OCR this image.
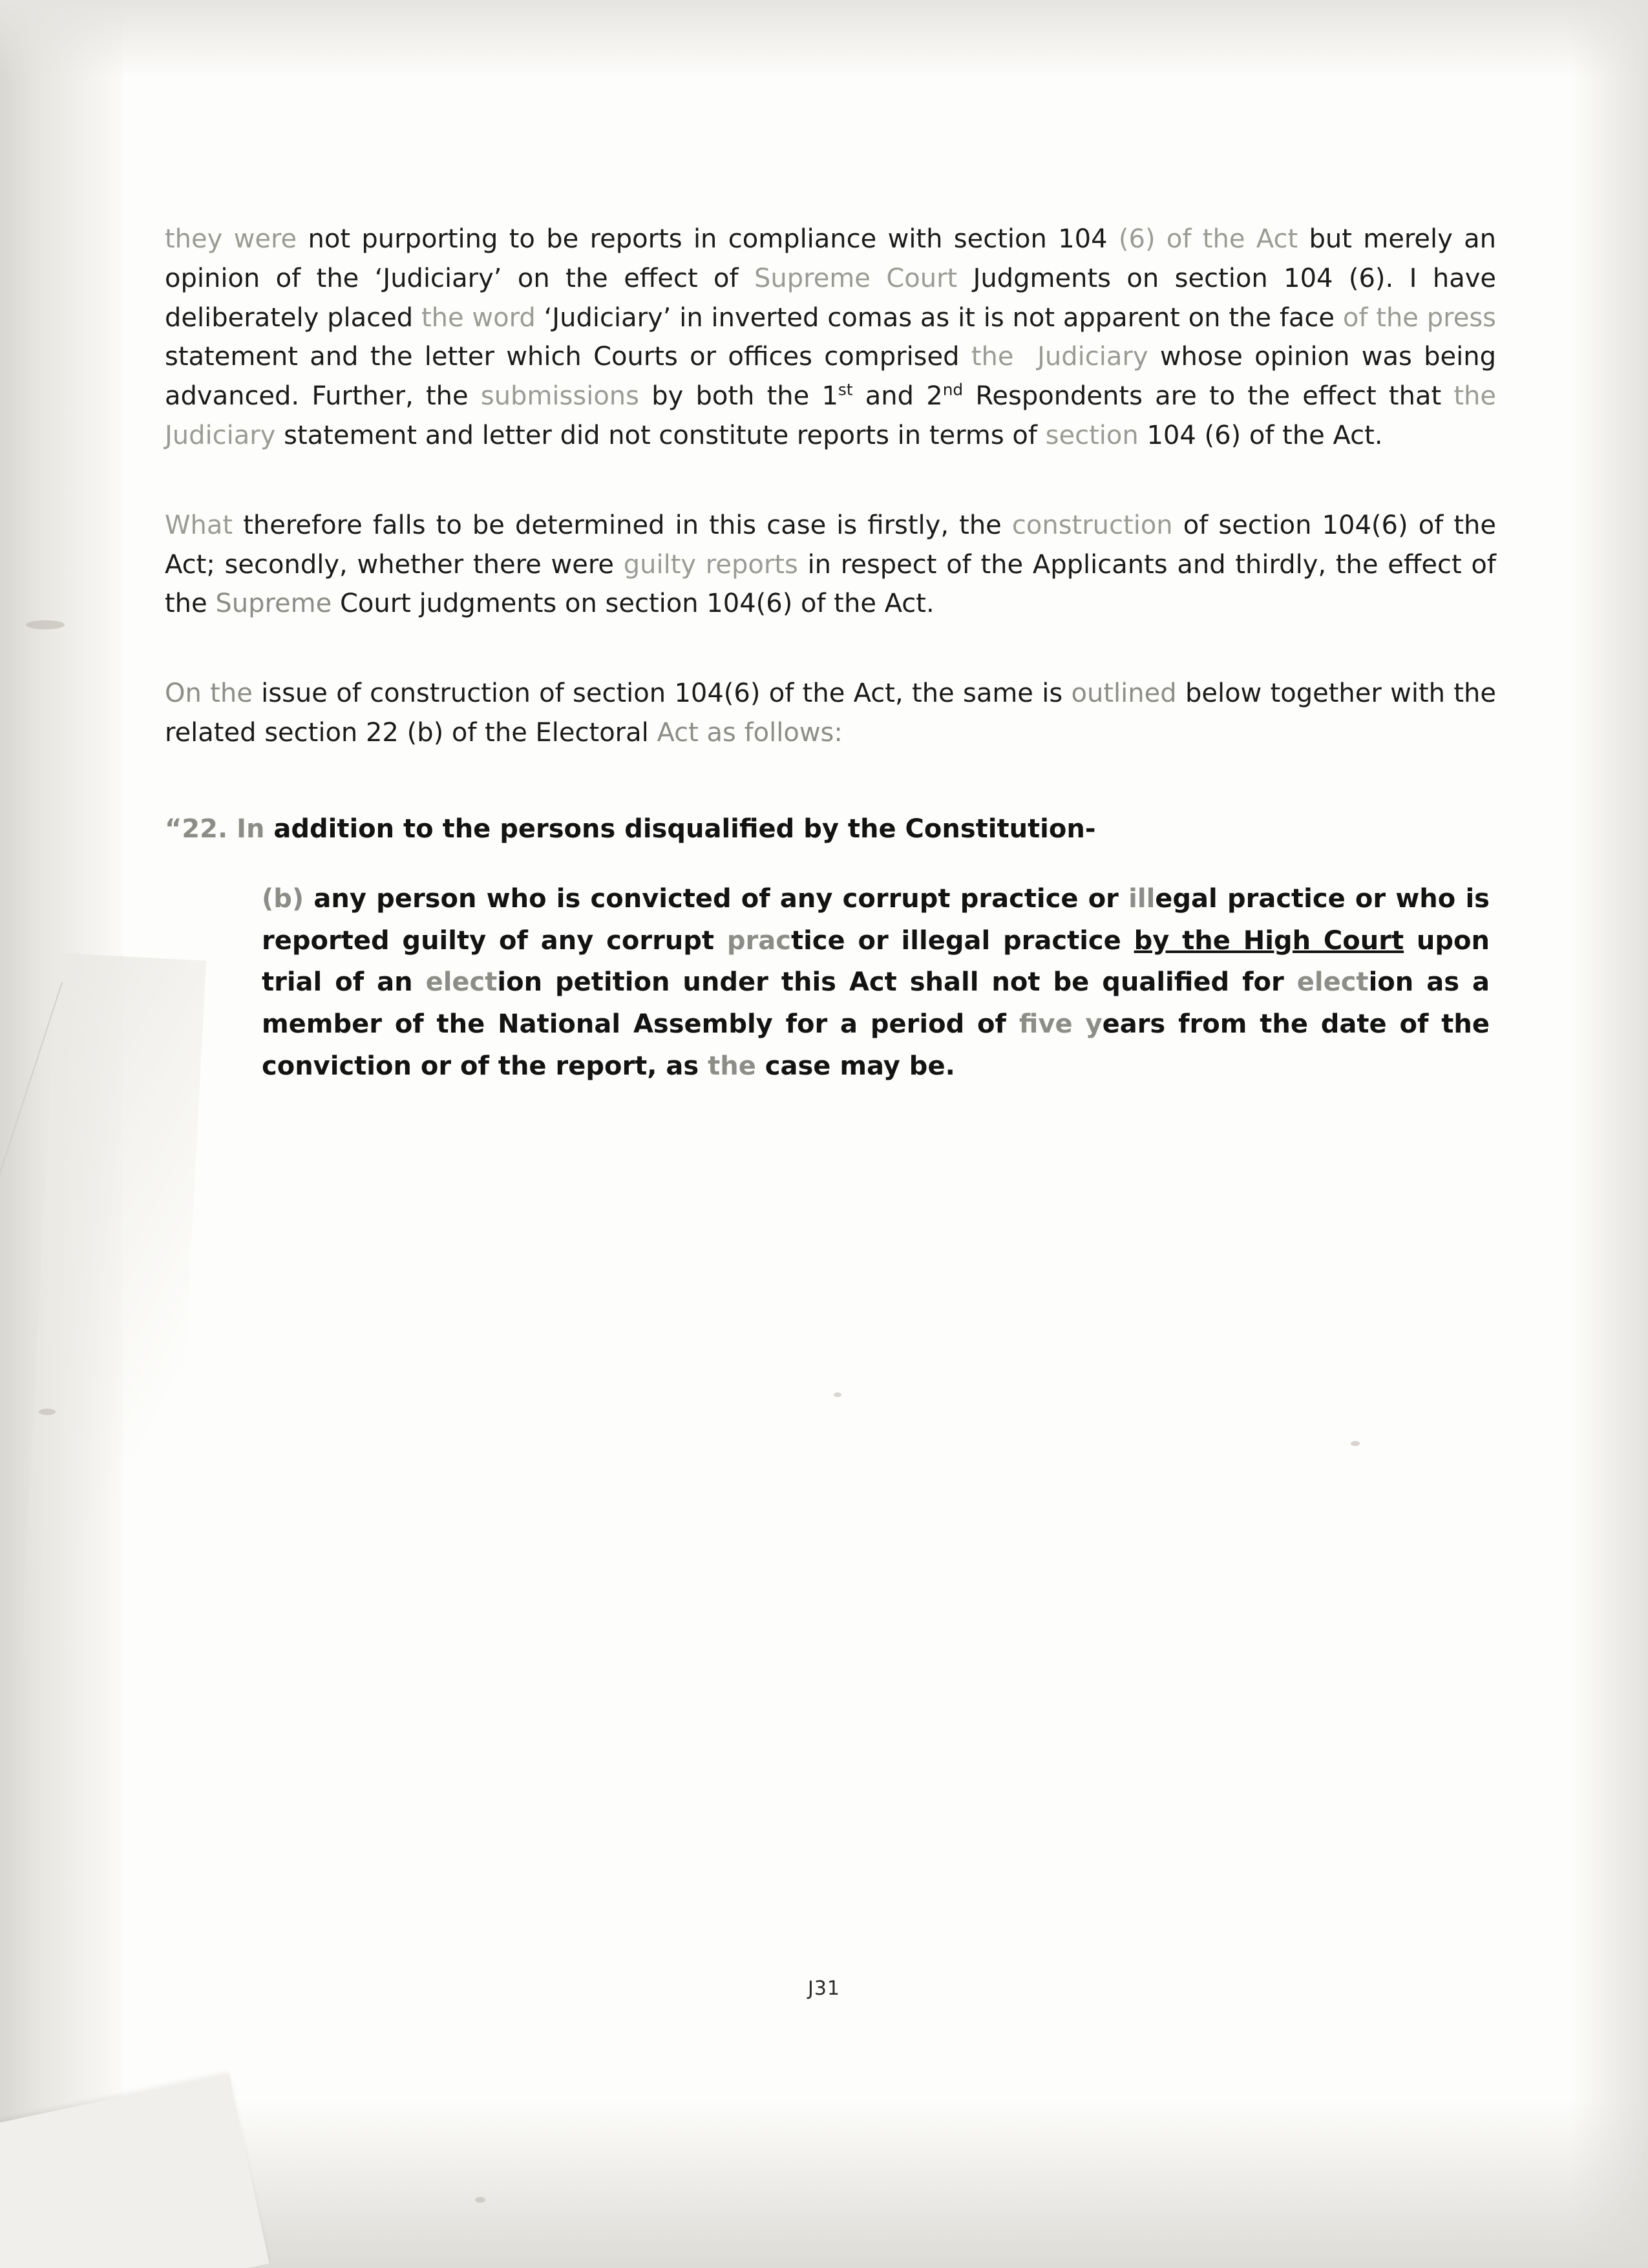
they were not purporting to be reports in compliance with section 104 (6) of the Act but merely an opinion of the ‘Judiciary’ on the effect of Supreme Court Judgments on section 104 (6). I have deliberately placed the word ‘Judiciary’ in inverted comas as it is not apparent on the face of the press statement and the letter which Courts or offices comprised the  Judiciary whose opinion was being advanced. Further, the submissions by both the 1st and 2nd Respondents are to the effect that the Judiciary statement and letter did not constitute reports in terms of section 104 (6) of the Act.

What therefore falls to be determined in this case is firstly, the construction of section 104(6) of the Act; secondly, whether there were guilty reports in respect of the Applicants and thirdly, the effect of the Supreme Court judgments on section 104(6) of the Act.

On the issue of construction of section 104(6) of the Act, the same is outlined below together with the related section 22 (b) of the Electoral Act as follows:

“22. In addition to the persons disqualified by the Constitution-

(b) any person who is convicted of any corrupt practice or illegal practice or who is reported guilty of any corrupt practice or illegal practice by the High Court upon trial of an election petition under this Act shall not be qualified for election as a member of the National Assembly for a period of five years from the date of the conviction or of the report, as the case may be.

J31
